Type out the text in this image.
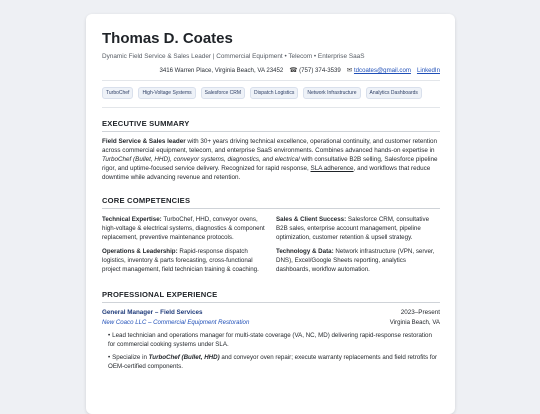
Thomas D. Coates
Dynamic Field Service & Sales Leader | Commercial Equipment • Telecom • Enterprise SaaS
3416 Warren Place, Virginia Beach, VA 23452 ☎ (757) 374-3539 ✉ tdcoates@gmail.com LinkedIn
TurboChef	High-Voltage Systems	Salesforce CRM	Dispatch Logistics	Network Infrastructure	Analytics Dashboards
EXECUTIVE SUMMARY

Field Service & Sales leader with 30+ years driving technical excellence, operational continuity, and customer retention across commercial equipment, telecom, and enterprise SaaS environments. Combines advanced hands-on expertise in TurboChef (Bullet, HHD), conveyor systems, diagnostics, and electrical with consultative B2B selling, Salesforce pipeline rigor, and uptime-focused service delivery. Recognized for rapid response, SLA adherence, and workflows that reduce downtime while advancing revenue and retention.

CORE COMPETENCIES
Technical Expertise: TurboChef, HHD, conveyor ovens, high-voltage & electrical systems, diagnostics & component replacement, preventive maintenance protocols.
Sales & Client Success: Salesforce CRM, consultative B2B sales, enterprise account management, pipeline optimization, customer retention & upsell strategy.
Operations & Leadership: Rapid-response dispatch logistics, inventory & parts forecasting, cross-functional project management, field technician training & coaching.
Technology & Data: Network infrastructure (VPN, server, DNS), Excel/Google Sheets reporting, analytics dashboards, workflow automation.
PROFESSIONAL EXPERIENCE
General Manager – Field Services	2023–Present
New Coaco LLC – Commercial Equipment Restoration	Virginia Beach, VA
• Lead technician and operations manager for multi-state coverage (VA, NC, MD) delivering rapid-response restoration for commercial cooking systems under SLA.
• Specialize in TurboChef (Bullet, HHD) and conveyor oven repair; execute warranty replacements and field retrofits for OEM-certified components.
